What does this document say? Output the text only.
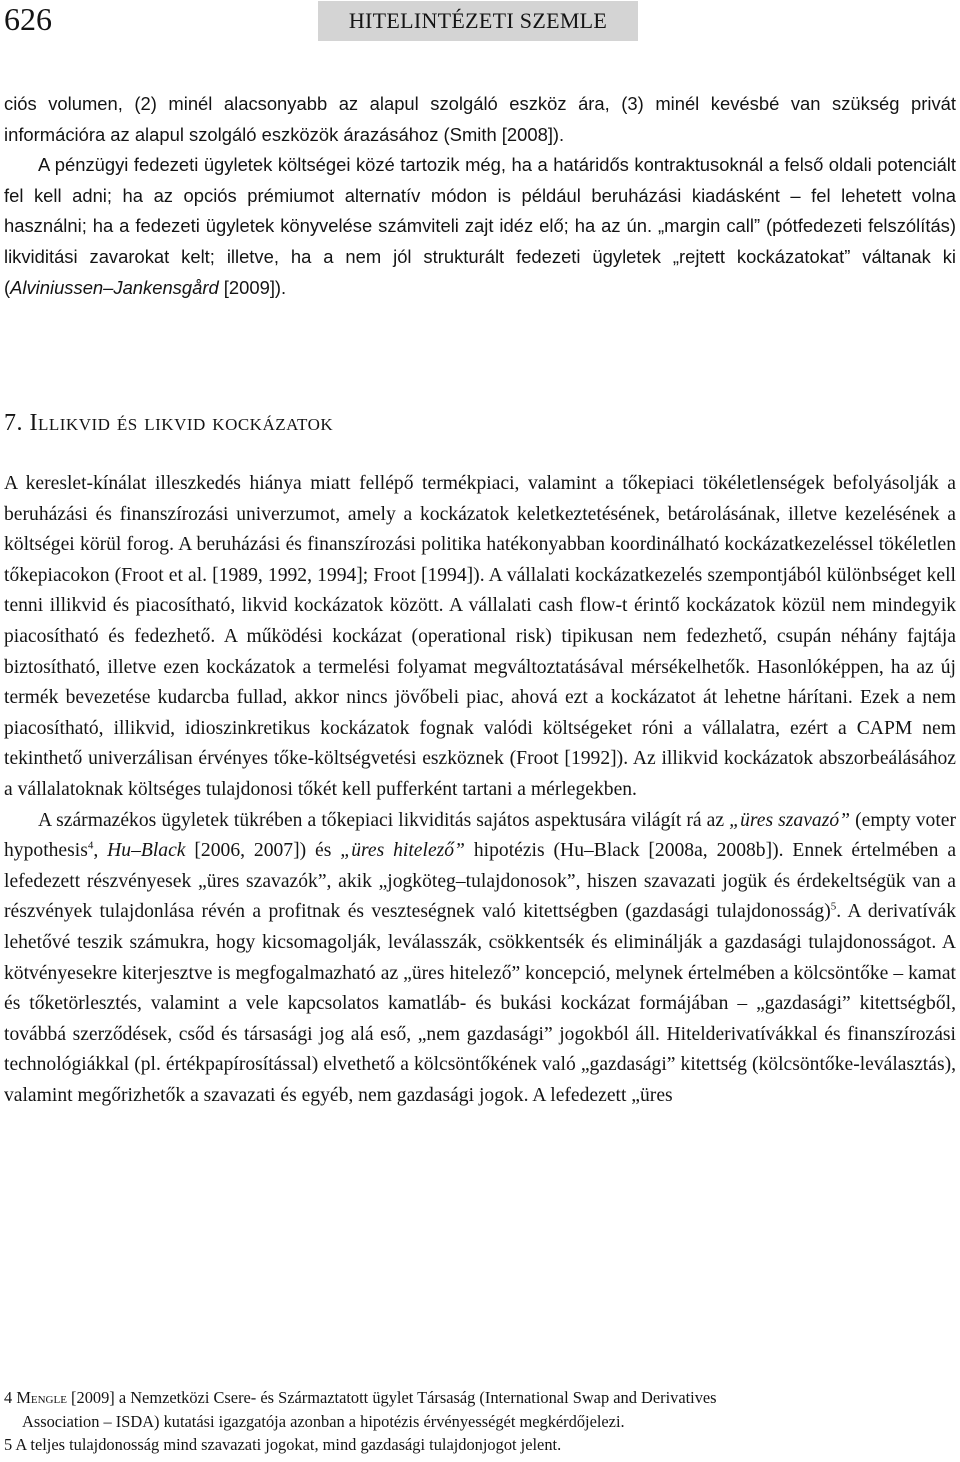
626	HITELINTÉZETI SZEMLE

ciós volumen, (2) minél alacsonyabb az alapul szolgáló eszköz ára, (3) minél kevésbé van szükség privát információra az alapul szolgáló eszközök árazásához (Smith [2008]).

A pénzügyi fedezeti ügyletek költségei közé tartozik még, ha a határidős kontraktusoknál a felső oldali potenciált fel kell adni; ha az opciós prémiumot alternatív módon is például beruházási kiadásként – fel lehetett volna használni; ha a fedezeti ügyletek könyvelése számviteli zajt idéz elő; ha az ún. „margin call” (pótfedezeti felszólítás) likviditási zavarokat kelt; illetve, ha a nem jól strukturált fedezeti ügyletek „rejtett kockázatokat” váltanak ki (Alviniussen–Jankensgård [2009]).

7. Illikvid és likvid kockázatok

A kereslet-kínálat illeszkedés hiánya miatt fellépő termékpiaci, valamint a tőkepiaci tökéletlenségek befolyásolják a beruházási és finanszírozási univerzumot, amely a kockázatok keletkeztetésének, betárolásának, illetve kezelésének a költségei körül forog. A beruházási és finanszírozási politika hatékonyabban koordinálható kockázatkezeléssel tökéletlen tőkepiacokon (Froot et al. [1989, 1992, 1994]; Froot [1994]). A vállalati kockázatkezelés szempontjából különbséget kell tenni illikvid és piacosítható, likvid kockázatok között. A vállalati cash flow-t érintő kockázatok közül nem mindegyik piacosítható és fedezhető. A működési kockázat (operational risk) tipikusan nem fedezhető, csupán néhány fajtája biztosítható, illetve ezen kockázatok a termelési folyamat megváltoztatásával mérsékelhetők. Hasonlóképpen, ha az új termék bevezetése kudarcba fullad, akkor nincs jövőbeli piac, ahová ezt a kockázatot át lehetne hárítani. Ezek a nem piacosítható, illikvid, idioszinkretikus kockázatok fognak valódi költségeket róni a vállalatra, ezért a CAPM nem tekinthető univerzálisan érvényes tőke-költségvetési eszköznek (Froot [1992]). Az illikvid kockázatok abszorbeálásához a vállalatoknak költséges tulajdonosi tőkét kell pufferként tartani a mérlegekben.

A származékos ügyletek tükrében a tőkepiaci likviditás sajátos aspektusára világít rá az „üres szavazó” (empty voter hypothesis$^4$, Hu–Black [2006, 2007]) és „üres hitelező” hipotézis (Hu–Black [2008a, 2008b]). Ennek értelmében a lefedezett részvényesek „üres szavazók”, akik „jogköteg–tulajdonosok”, hiszen szavazati jogük és érdekeltségük van a részvények tulajdonlása révén a profitnak és veszteségnek való kitettségben (gazdasági tulajdonosság)$^5$. A derivatívák lehetővé teszik számukra, hogy kicsomagolják, leválasszák, csökkentsék és eliminálják a gazdasági tulajdonosságot. A kötvényesekre kiterjesztve is megfogalmazható az „üres hitelező” koncepció, melynek értelmében a kölcsöntőke – kamat és tőketörlesztés, valamint a vele kapcsolatos kamatláb- és bukási kockázat formájában – „gazdasági” kitettségből, továbbá szerződések, csőd és társasági jog alá eső, „nem gazdasági” jogokból áll. Hitelderivatívákkal és finanszírozási technológiákkal (pl. értékpapírosítással) elvethető a kölcsöntőkének való „gazdasági” kitettség (kölcsöntőke-leválasztás), valamint megőrizhetők a szavazati és egyéb, nem gazdasági jogok. A lefedezett „üres

4 Mengle [2009] a Nemzetközi Csere- és Származtatott ügylet Társaság (International Swap and Derivatives

Association – ISDA) kutatási igazgatója azonban a hipotézis érvényességét megkérdőjelezi.

5 A teljes tulajdonosság mind szavazati jogokat, mind gazdasági tulajdonjogot jelent.
